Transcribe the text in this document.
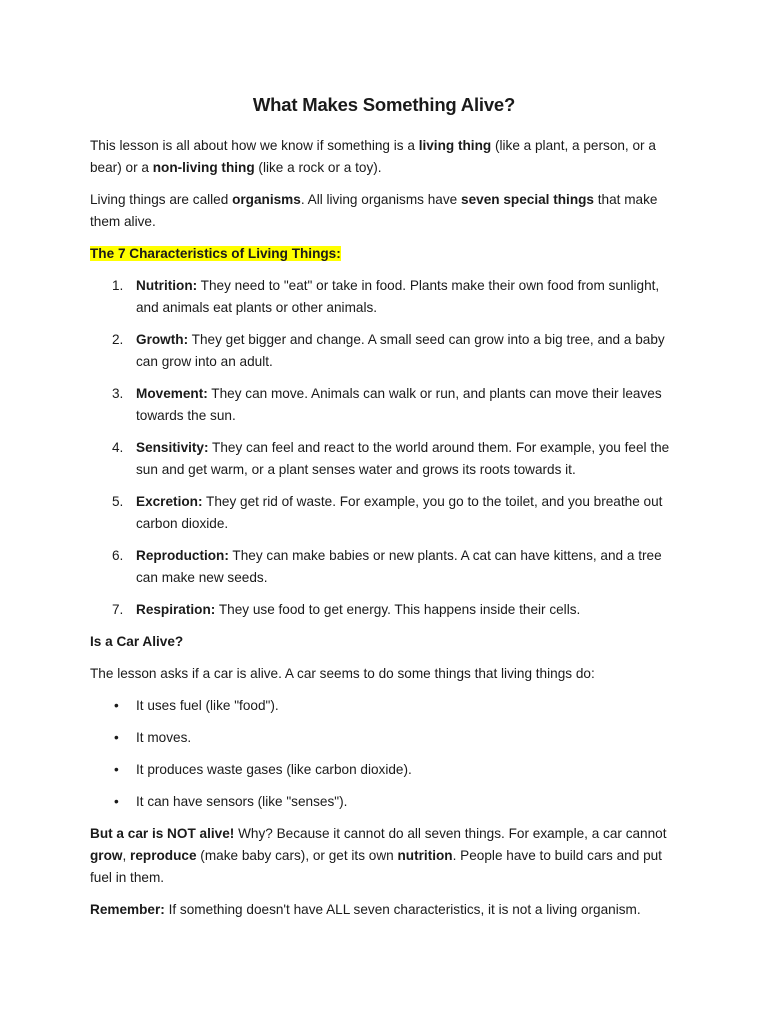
What Makes Something Alive?

This lesson is all about how we know if something is a living thing (like a plant, a person, or a bear) or a non-living thing (like a rock or a toy).

Living things are called organisms. All living organisms have seven special things that make them alive.

The 7 Characteristics of Living Things:

1. Nutrition: They need to "eat" or take in food. Plants make their own food from sunlight, and animals eat plants or other animals.
2. Growth: They get bigger and change. A small seed can grow into a big tree, and a baby can grow into an adult.
3. Movement: They can move. Animals can walk or run, and plants can move their leaves towards the sun.
4. Sensitivity: They can feel and react to the world around them. For example, you feel the sun and get warm, or a plant senses water and grows its roots towards it.
5. Excretion: They get rid of waste. For example, you go to the toilet, and you breathe out carbon dioxide.
6. Reproduction: They can make babies or new plants. A cat can have kittens, and a tree can make new seeds.
7. Respiration: They use food to get energy. This happens inside their cells.

Is a Car Alive?

The lesson asks if a car is alive. A car seems to do some things that living things do:

• It uses fuel (like "food").
• It moves.
• It produces waste gases (like carbon dioxide).
• It can have sensors (like "senses").

But a car is NOT alive! Why? Because it cannot do all seven things. For example, a car cannot grow, reproduce (make baby cars), or get its own nutrition. People have to build cars and put fuel in them.

Remember: If something doesn't have ALL seven characteristics, it is not a living organism.
